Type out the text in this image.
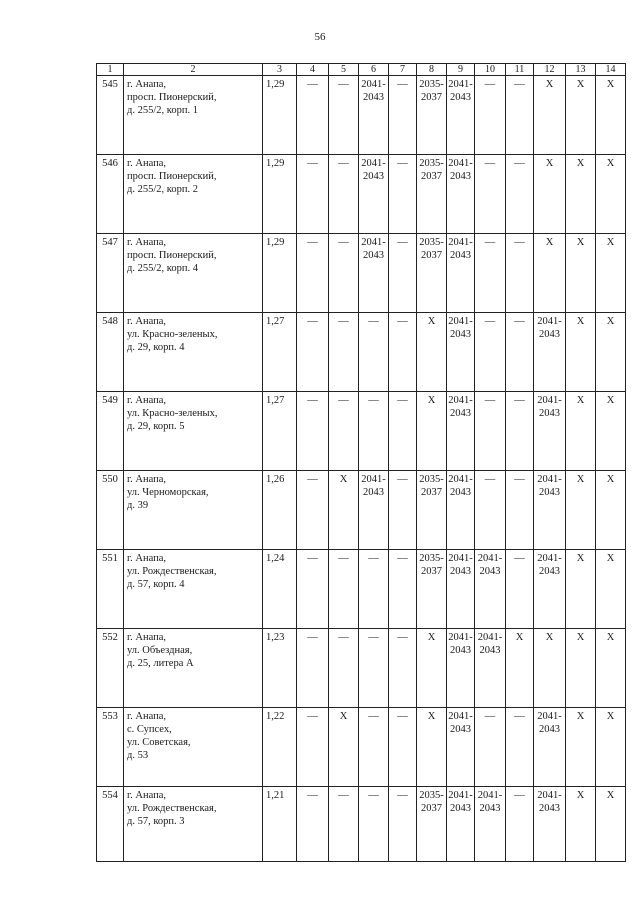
56
1	2	3	4	5	6	7	8	9	10	11	12	13	14
545	г. Анапа,
просп. Пионерский,
д. 255/2, корп. 1	1,29	—	—	2041-
2043	—	2035-
2037	2041-
2043	—	—	X	X	X

546	г. Анапа,
просп. Пионерский,
д. 255/2, корп. 2	1,29	—	—	2041-
2043	—	2035-
2037	2041-
2043	—	—	X	X	X

547	г. Анапа,
просп. Пионерский,
д. 255/2, корп. 4	1,29	—	—	2041-
2043	—	2035-
2037	2041-
2043	—	—	X	X	X

548	г. Анапа,
ул. Красно-зеленых,
д. 29, корп. 4	1,27	—	—	—	—	X	2041-
2043	—	—	2041-
2043	X	X

549	г. Анапа,
ул. Красно-зеленых,
д. 29, корп. 5	1,27	—	—	—	—	X	2041-
2043	—	—	2041-
2043	X	X

550	г. Анапа,
ул. Черноморская,
д. 39	1,26	—	X	2041-
2043	—	2035-
2037	2041-
2043	—	—	2041-
2043	X	X

551	г. Анапа,
ул. Рождественская,
д. 57, корп. 4	1,24	—	—	—	—	2035-
2037	2041-
2043	2041-
2043	—	2041-
2043	X	X

552	г. Анапа,
ул. Объездная,
д. 25, литера А	1,23	—	—	—	—	X	2041-
2043	2041-
2043	X	X	X	X

553	г. Анапа,
с. Супсех,
ул. Советская,
д. 53	1,22	—	X	—	—	X	2041-
2043	—	—	2041-
2043	X	X

554	г. Анапа,
ул. Рождественская,
д. 57, корп. 3	1,21	—	—	—	—	2035-
2037	2041-
2043	2041-
2043	—	2041-
2043	X	X
